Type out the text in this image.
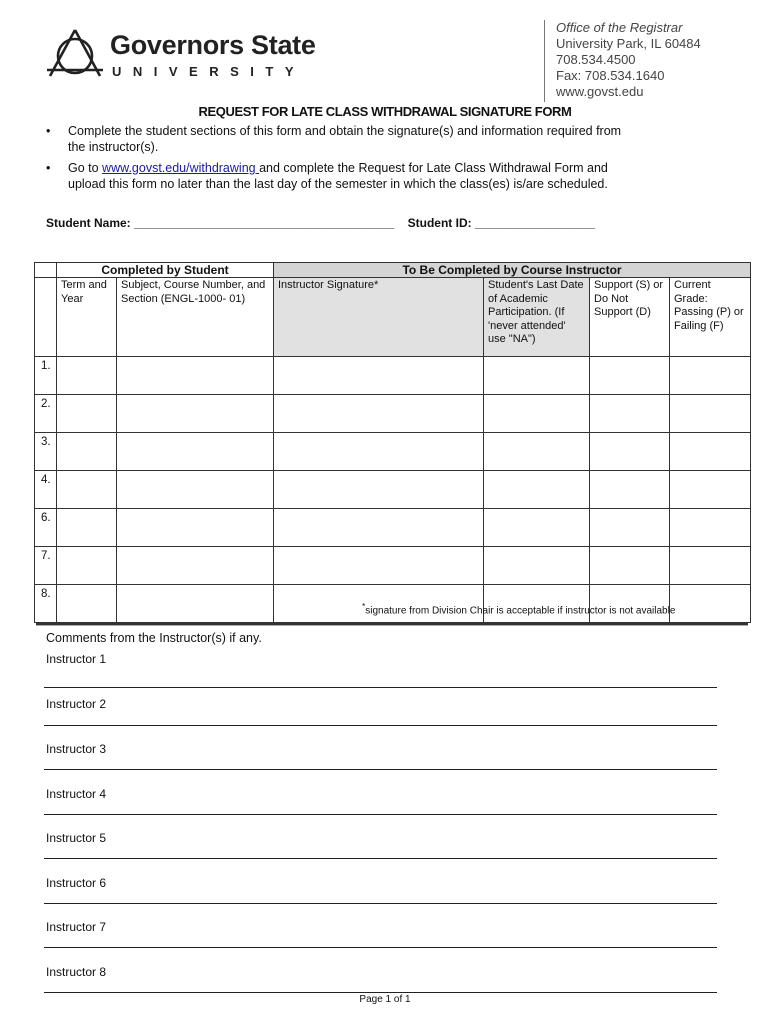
Governors State
UNIVERSITY
Office of the Registrar
University Park, IL 60484
708.534.4500
Fax: 708.534.1640
www.govst.edu
REQUEST FOR LATE CLASS WITHDRAWAL SIGNATURE FORM
• Complete the student sections of this form and obtain the signature(s) and information required from the instructor(s).
• Go to www.govst.edu/withdrawing and complete the Request for Late Class Withdrawal Form and upload this form no later than the last day of the semester in which the class(es) is/are scheduled.
Student Name: _______________________________________ Student ID: __________________
	Completed by Student		To Be Completed by Course Instructor			
	Term and Year	Subject, Course Number, and Section (ENGL-1000- 01)	Instructor Signature*	Student's Last Date of Academic Participation. (If 'never attended' use "NA")	Support (S) or Do Not Support (D)	Current Grade: Passing (P) or Failing (F)
1.						
2.						
3.						
4.						
6.						
7.						
8.						
*signature from Division Chair is acceptable if instructor is not available
Comments from the Instructor(s) if any.
Instructor 1
Instructor 2
Instructor 3
Instructor 4
Instructor 5
Instructor 6
Instructor 7
Instructor 8
Page 1 of 1
